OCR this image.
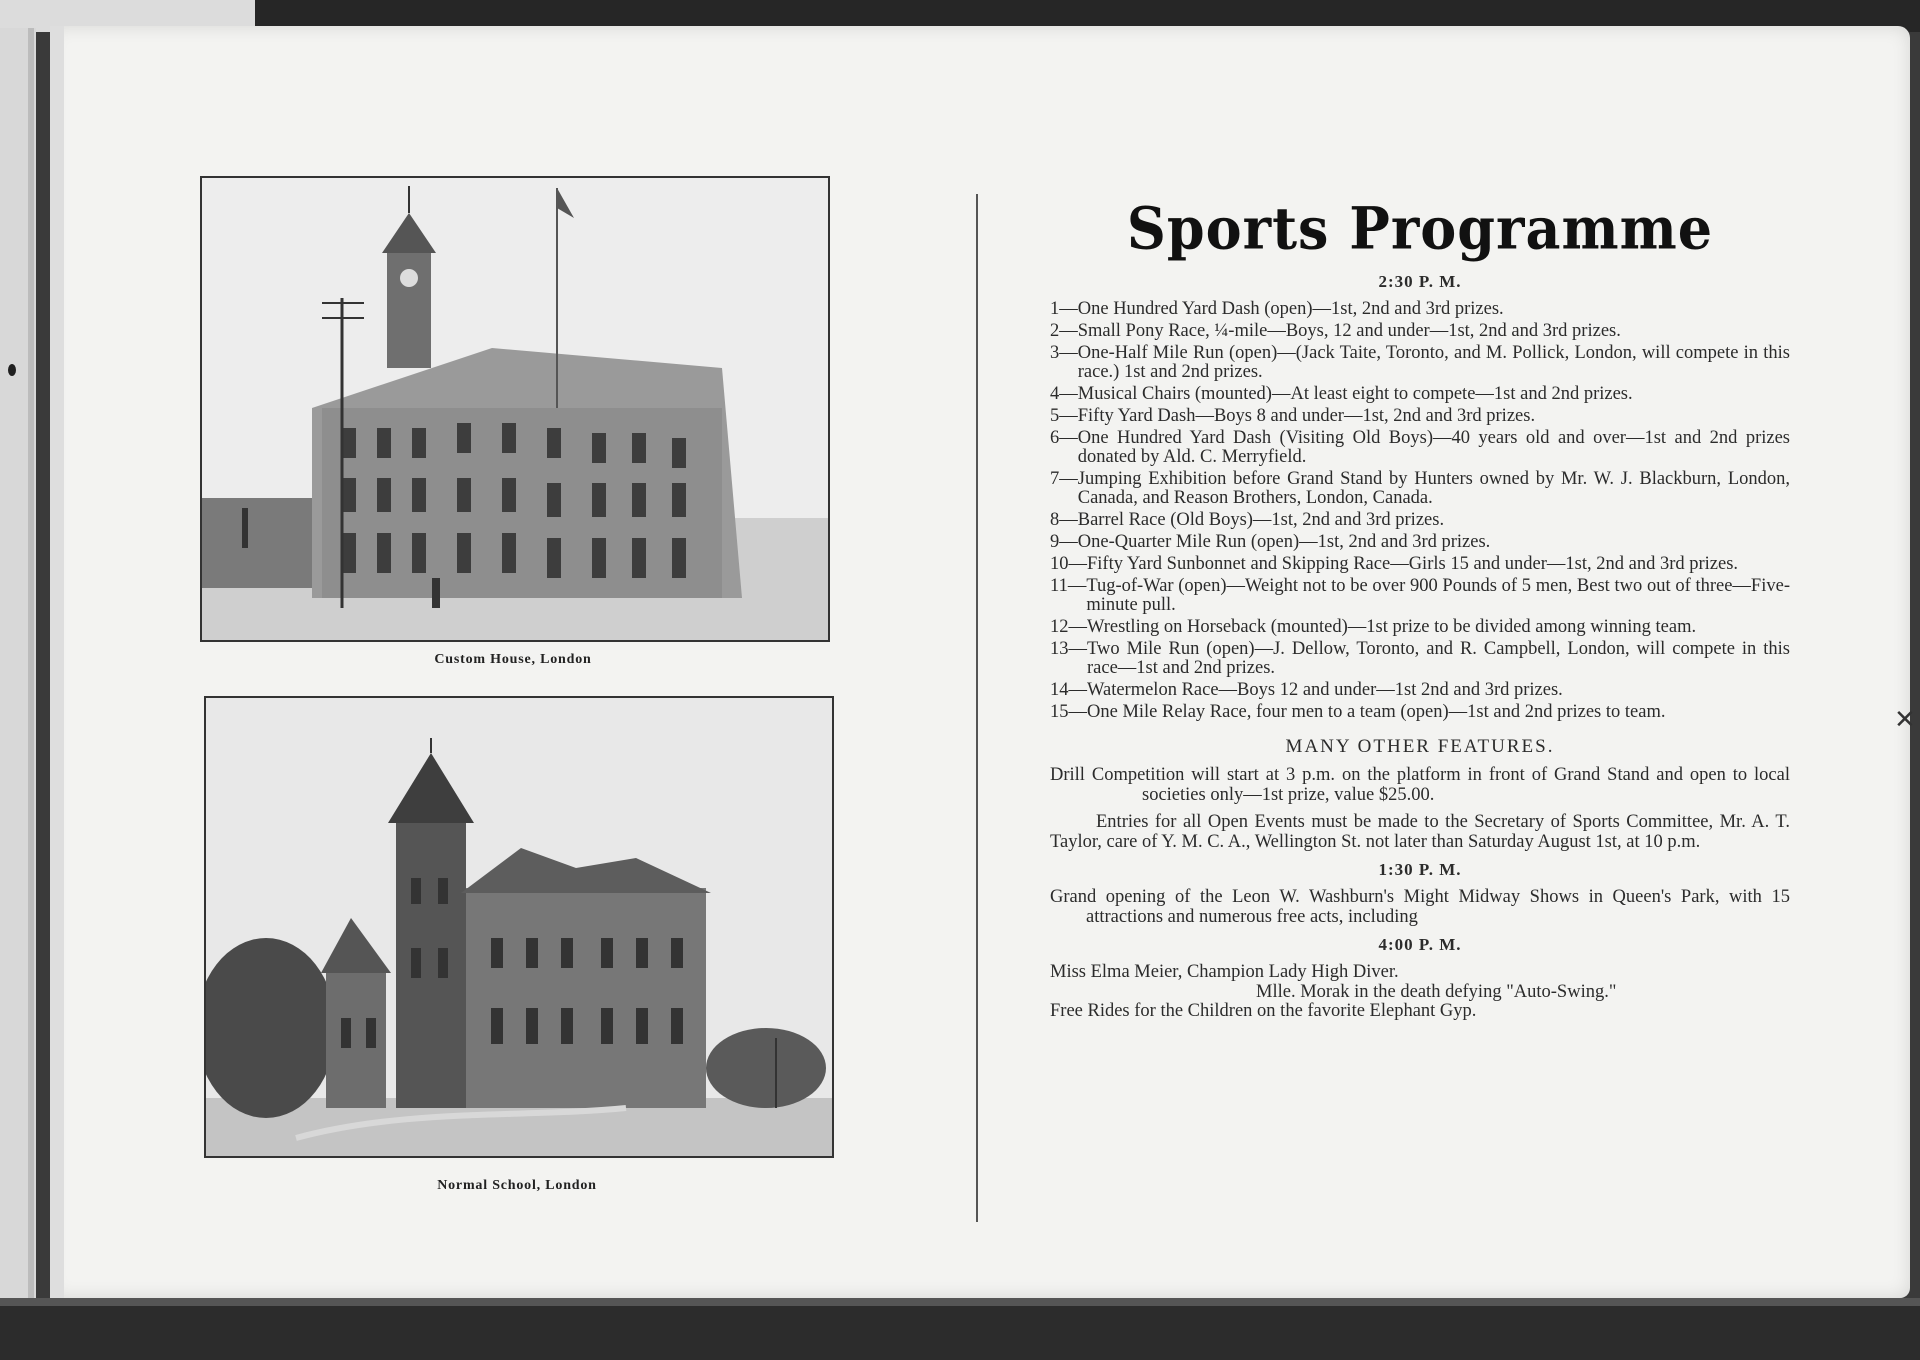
Custom House, London
Normal School, London
Sports Programme
2:30 P. M.
1— One Hundred Yard Dash (open)—1st, 2nd and 3rd prizes.
2— Small Pony Race, ¼-mile—Boys, 12 and under—1st, 2nd and 3rd prizes.
3— One-Half Mile Run (open)—(Jack Taite, Toronto, and M. Pollick, London, will compete in this race.) 1st and 2nd prizes.
4— Musical Chairs (mounted)—At least eight to compete—1st and 2nd prizes.
5— Fifty Yard Dash—Boys 8 and under—1st, 2nd and 3rd prizes.
6— One Hundred Yard Dash (Visiting Old Boys)—40 years old and over—1st and 2nd prizes donated by Ald. C. Merryfield.
7— Jumping Exhibition before Grand Stand by Hunters owned by Mr. W. J. Blackburn, London, Canada, and Reason Brothers, London, Canada.
8— Barrel Race (Old Boys)—1st, 2nd and 3rd prizes.
9— One-Quarter Mile Run (open)—1st, 2nd and 3rd prizes.
10— Fifty Yard Sunbonnet and Skipping Race—Girls 15 and under—1st, 2nd and 3rd prizes.
11— Tug-of-War (open)—Weight not to be over 900 Pounds of 5 men, Best two out of three—Five-minute pull.
12— Wrestling on Horseback (mounted)—1st prize to be divided among winning team.
13— Two Mile Run (open)—J. Dellow, Toronto, and R. Campbell, London, will compete in this race—1st and 2nd prizes.
14— Watermelon Race—Boys 12 and under—1st 2nd and 3rd prizes.
15— One Mile Relay Race, four men to a team (open)—1st and 2nd prizes to team.
MANY OTHER FEATURES.

Drill Competition will start at 3 p.m. on the platform in front of Grand Stand and open to local societies only—1st prize, value $25.00.

Entries for all Open Events must be made to the Secretary of Sports Committee, Mr. A. T. Taylor, care of Y. M. C. A., Wellington St. not later than Saturday August 1st, at 10 p.m.

1:30 P. M.

Grand opening of the Leon W. Washburn's Might Midway Shows in Queen's Park, with 15 attractions and numerous free acts, including

4:00 P. M.

Miss Elma Meier, Champion Lady High Diver.

Mlle. Morak in the death defying "Auto-Swing."

Free Rides for the Children on the favorite Elephant Gyp.

✕
